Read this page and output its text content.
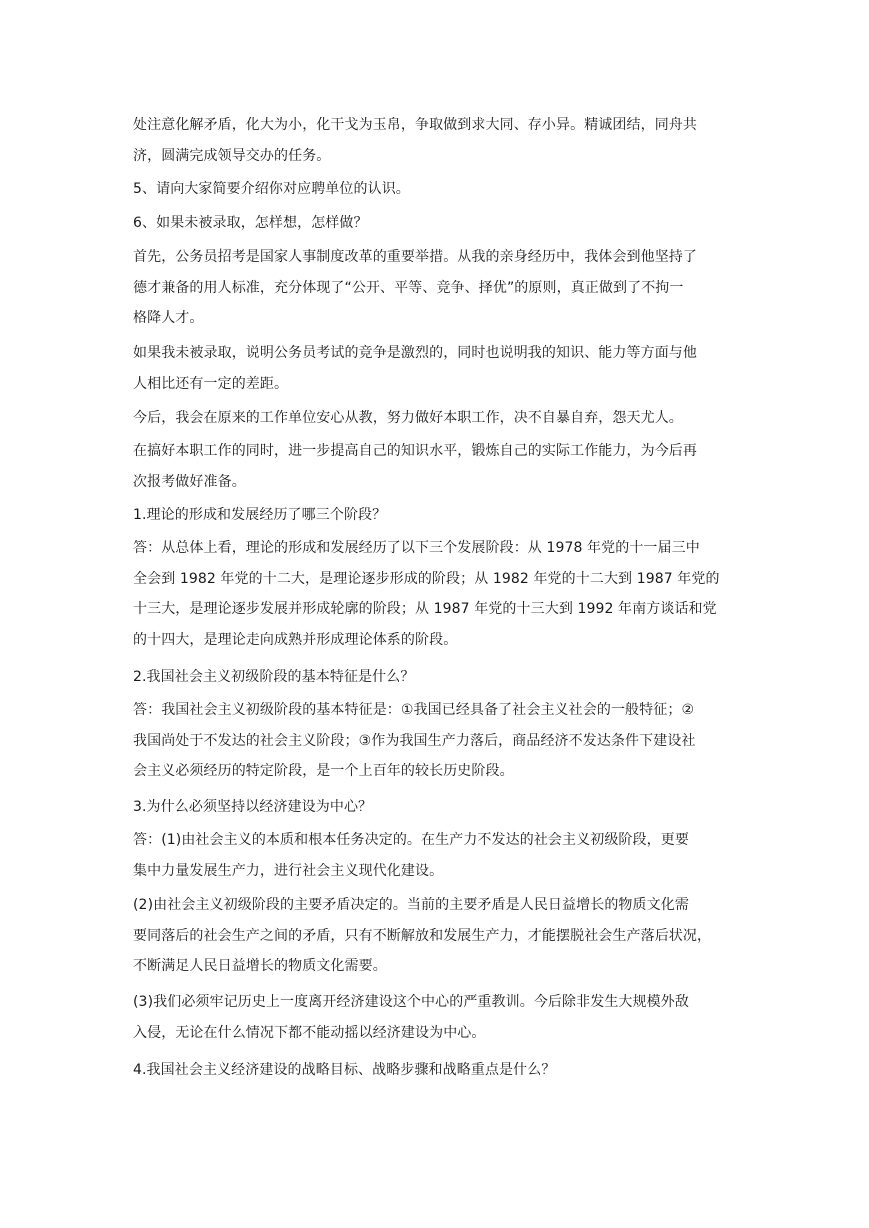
处注意化解矛盾，化大为小，化干戈为玉帛，争取做到求大同、存小异。精诚团结，同舟共
济，圆满完成领导交办的任务。
5、请向大家简要介绍你对应聘单位的认识。
6、如果未被录取，怎样想，怎样做？
首先，公务员招考是国家人事制度改革的重要举措。从我的亲身经历中，我体会到他坚持了
德才兼备的用人标准，充分体现了“公开、平等、竞争、择优”的原则，真正做到了不拘一
格降人才。
如果我未被录取，说明公务员考试的竞争是激烈的，同时也说明我的知识、能力等方面与他
人相比还有一定的差距。
今后，我会在原来的工作单位安心从教，努力做好本职工作，决不自暴自弃，怨天尤人。
在搞好本职工作的同时，进一步提高自己的知识水平，锻炼自己的实际工作能力，为今后再
次报考做好准备。
1.理论的形成和发展经历了哪三个阶段？
答：从总体上看，理论的形成和发展经历了以下三个发展阶段：从 1978 年党的十一届三中
全会到 1982 年党的十二大，是理论逐步形成的阶段；从 1982 年党的十二大到 1987 年党的
十三大，是理论逐步发展并形成轮廓的阶段；从 1987 年党的十三大到 1992 年南方谈话和党
的十四大，是理论走向成熟并形成理论体系的阶段。
2.我国社会主义初级阶段的基本特征是什么？
答：我国社会主义初级阶段的基本特征是：①我国已经具备了社会主义社会的一般特征；②
我国尚处于不发达的社会主义阶段；③作为我国生产力落后，商品经济不发达条件下建设社
会主义必须经历的特定阶段，是一个上百年的较长历史阶段。
3.为什么必须坚持以经济建设为中心？
答：(1)由社会主义的本质和根本任务决定的。在生产力不发达的社会主义初级阶段，更要
集中力量发展生产力，进行社会主义现代化建设。
(2)由社会主义初级阶段的主要矛盾决定的。当前的主要矛盾是人民日益增长的物质文化需
要同落后的社会生产之间的矛盾，只有不断解放和发展生产力，才能摆脱社会生产落后状况，
不断满足人民日益增长的物质文化需要。
(3)我们必须牢记历史上一度离开经济建设这个中心的严重教训。今后除非发生大规模外敌
入侵，无论在什么情况下都不能动摇以经济建设为中心。
4.我国社会主义经济建设的战略目标、战略步骤和战略重点是什么？
